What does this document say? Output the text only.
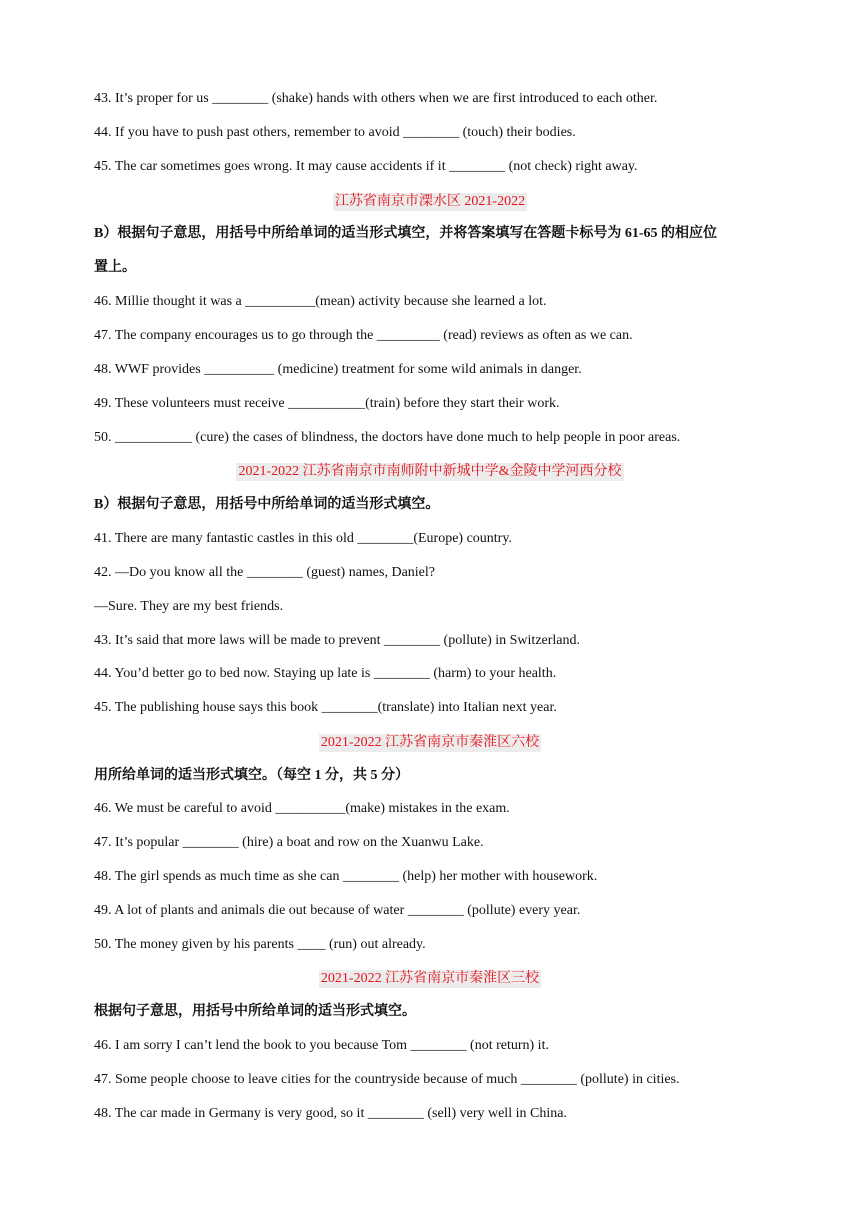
43. It’s proper for us ________ (shake) hands with others when we are first introduced to each other.
44. If you have to push past others, remember to avoid ________ (touch) their bodies.
45. The car sometimes goes wrong. It may cause accidents if it ________ (not check) right away.
江苏省南京市溧水区 2021-2022
B）根据句子意思，用括号中所给单词的适当形式填空，并将答案填写在答题卡标号为 61-65 的相应位
置上。
46. Millie thought it was a __________(mean) activity because she learned a lot.
47. The company encourages us to go through the _________ (read) reviews as often as we can.
48. WWF provides __________ (medicine) treatment for some wild animals in danger.
49. These volunteers must receive ___________(train) before they start their work.
50. ___________ (cure) the cases of blindness, the doctors have done much to help people in poor areas.
2021-2022 江苏省南京市南师附中新城中学&金陵中学河西分校
B）根据句子意思，用括号中所给单词的适当形式填空。
41. There are many fantastic castles in this old ________(Europe) country.
42. —Do you know all the ________ (guest) names, Daniel?
—Sure. They are my best friends.
43. It’s said that more laws will be made to prevent ________ (pollute) in Switzerland.
44. You’d better go to bed now. Staying up late is ________ (harm) to your health.
45. The publishing house says this book ________(translate) into Italian next year.
2021-2022 江苏省南京市秦淮区六校
用所给单词的适当形式填空。（每空 1 分，共 5 分）
46. We must be careful to avoid __________(make) mistakes in the exam.
47. It’s popular ________ (hire) a boat and row on the Xuanwu Lake.
48. The girl spends as much time as she can ________ (help) her mother with housework.
49. A lot of plants and animals die out because of water ________ (pollute) every year.
50. The money given by his parents ____ (run) out already.
2021-2022 江苏省南京市秦淮区三校
根据句子意思，用括号中所给单词的适当形式填空。
46. I am sorry I can’t lend the book to you because Tom ________ (not return) it.
47. Some people choose to leave cities for the countryside because of much ________ (pollute) in cities.
48. The car made in Germany is very good, so it ________ (sell) very well in China.
